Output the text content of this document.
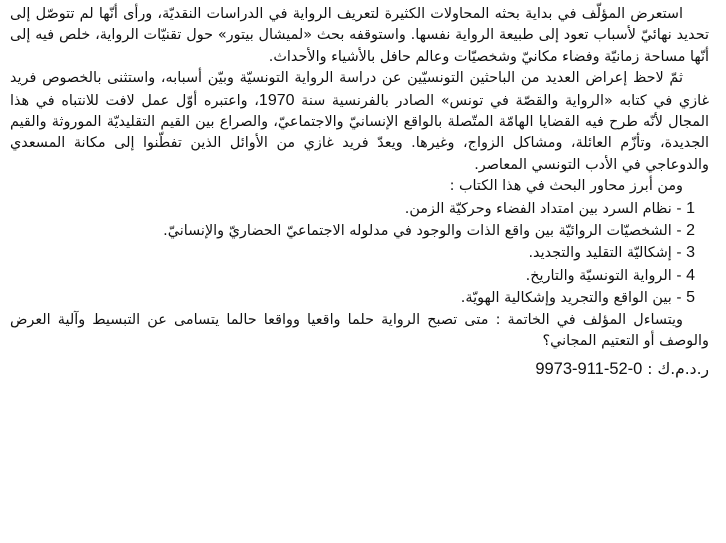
استعرض المؤلّف في بداية بحثه المحاولات الكثيرة لتعريف الرواية في الدراسات النقديّة، ورأى أنّها لم تتوصّل إلى تحديد نهائيّ لأسباب تعود إلى طبيعة الرواية نفسها. واستوقفه بحث «لميشال بيتور» حول تقنيّات الرواية، خلص فيه إلى أنّها مساحة زمانيّة وفضاء مكانيّ وشخصيّات وعالم حافل بالأشياء والأحداث.

ثمّ لاحظ إعراض العديد من الباحثين التونسيّين عن دراسة الرواية التونسيّة وبيّن أسبابه، واستثنى بالخصوص فريد غازي في كتابه «الرواية والقصّة في تونس» الصادر بالفرنسية سنة 1970، واعتبره أوّل عمل لافت للانتباه في هذا المجال لأنّه طرح فيه القضايا الهامّة المتّصلة بالواقع الإنسانيّ والاجتماعيّ، والصراع بين القيم التقليديّة الموروثة والقيم الجديدة، وتأزّم العائلة، ومشاكل الزواج، وغيرها. ويعدّ فريد غازي من الأوائل الذين تفطّنوا إلى مكانة المسعدي والدوعاجي في الأدب التونسي المعاصر.

ومن أبرز محاور البحث في هذا الكتاب :

1 - نظام السرد بين امتداد الفضاء وحركيّة الزمن.

2 - الشخصيّات الروائيّة بين واقع الذات والوجود في مدلوله الاجتماعيّ الحضاريّ والإنسانيّ.

3 - إشكاليّة التقليد والتجديد.

4 - الرواية التونسيّة والتاريخ.

5 - بين الواقع والتجريد وإشكالية الهويّة.

ويتساءل المؤلف في الخاتمة : متى تصبح الرواية حلما واقعيا وواقعا حالما يتسامى عن التبسيط وآلية العرض والوصف أو التعتيم المجاني؟

ر.د.م.ك : 9973-911-52-0
